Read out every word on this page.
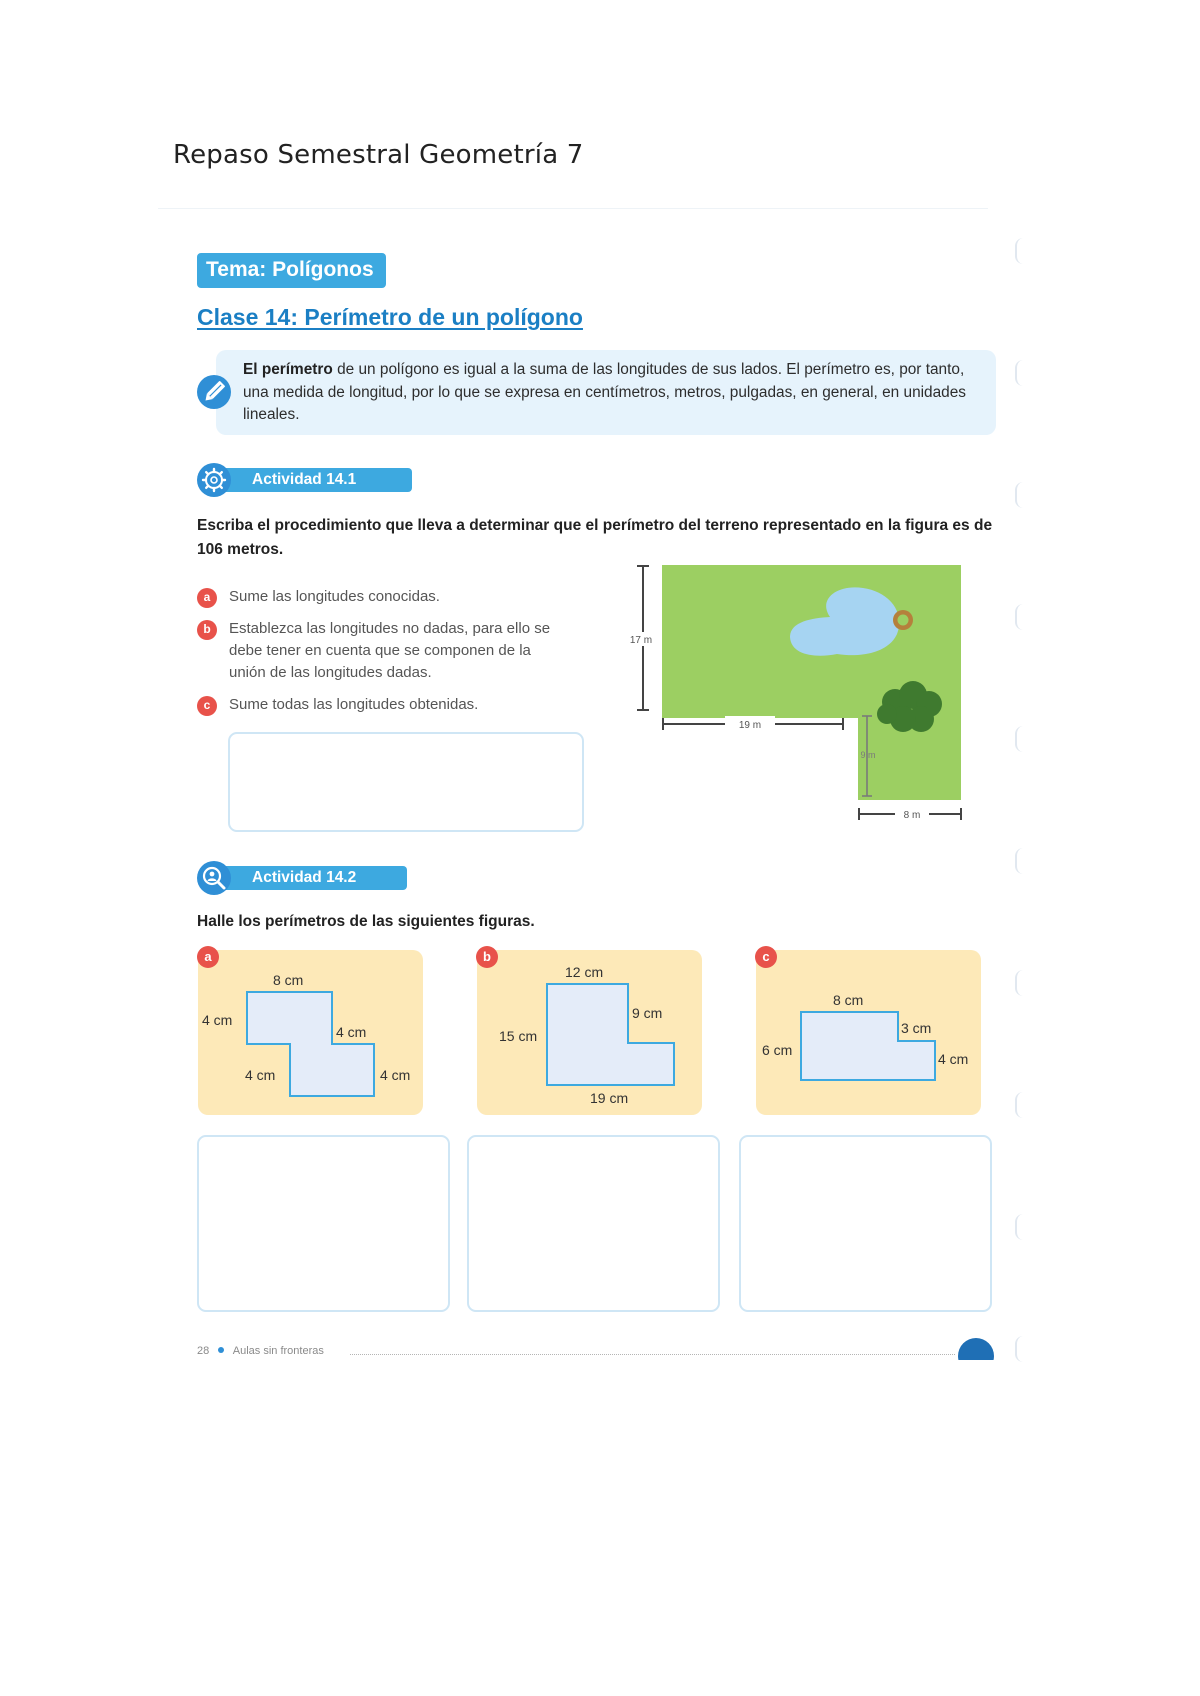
Repaso Semestral Geometría 7
Tema: Polígonos
Clase 14: Perímetro de un polígono
El perímetro de un polígono es igual a la suma de las longitudes de sus lados. El perímetro es, por tanto, una medida de longitud, por lo que se expresa en centímetros, metros, pulgadas, en general, en unidades lineales.
Actividad 14.1
Escriba el procedimiento que lleva a determinar que el perímetro del terreno representado en la figura es de 106 metros.
a	Sume las longitudes conocidas.
b	Establezca las longitudes no dadas, para ello se debe tener en cuenta que se componen de la unión de las longitudes dadas.
c	Sume todas las longitudes obtenidas.
17 m
19 m
9 m
8 m
Actividad 14.2
Halle los perímetros de las siguientes figuras.
8 cm
4 cm
4 cm
4 cm	4 cm
a
12 cm
9 cm
15 cm
19 cm
b
8 cm
3 cm
6 cm
4 cm
c
28 Aulas sin fronteras
